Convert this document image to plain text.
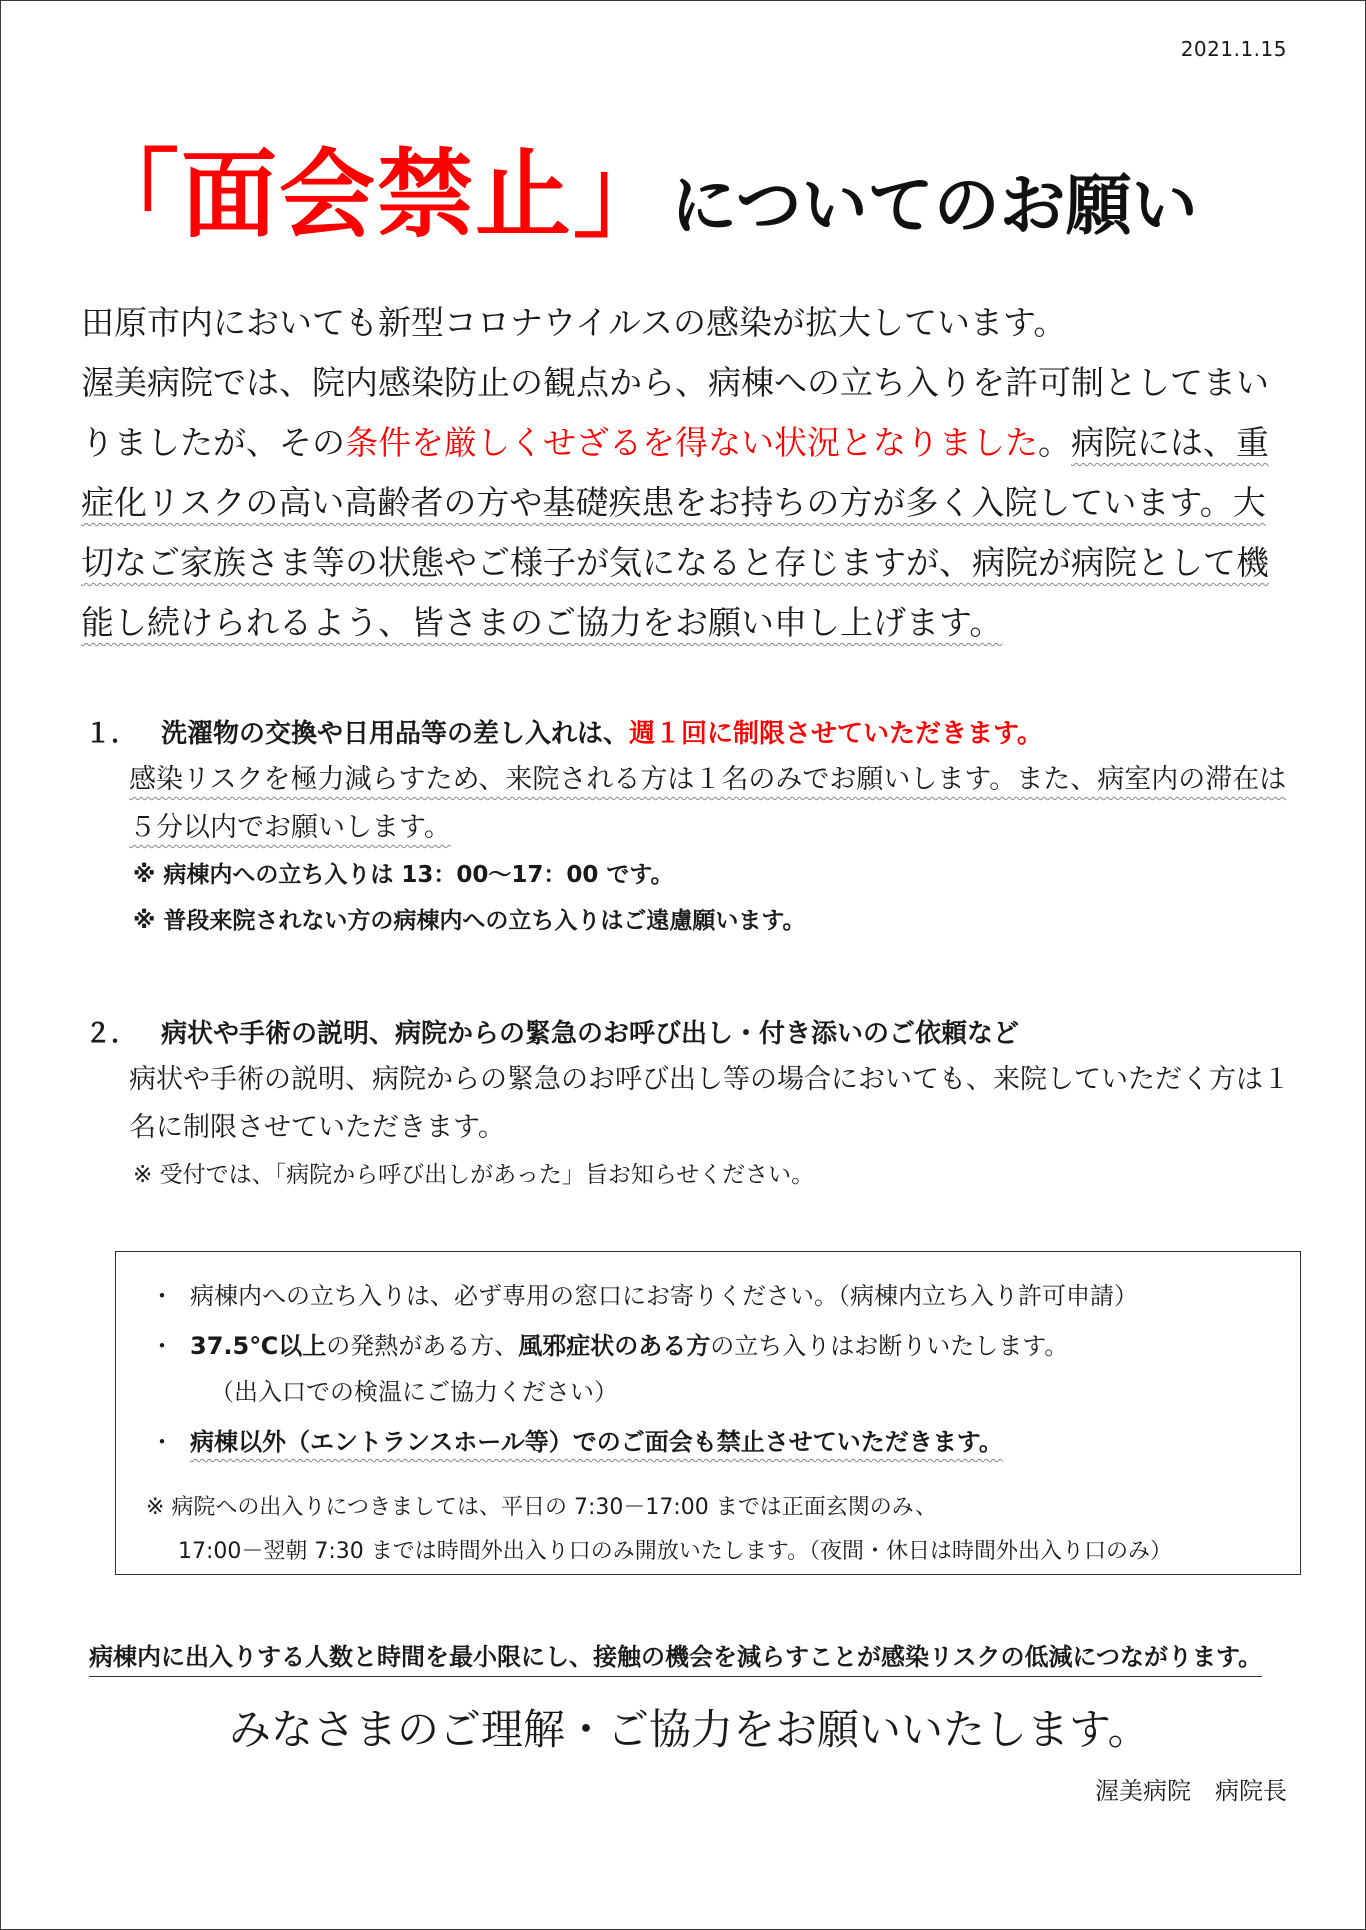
2021.1.15
「面会禁止」についてのお願い

田原市内においても新型コロナウイルスの感染が拡大しています。

渥美病院では、院内感染防止の観点から、病棟への立ち入りを許可制としてまいりましたが、その条件を厳しくせざるを得ない状況となりました。病院には、重症化リスクの高い高齢者の方や基礎疾患をお持ちの方が多く入院しています。大切なご家族さま等の状態やご様子が気になると存じますが、病院が病院として機能し続けられるよう、皆さまのご協力をお願い申し上げます。

１． 洗濯物の交換や日用品等の差し入れは、週１回に制限させていただきます。
感染リスクを極力減らすため、来院される方は１名のみでお願いします。また、病室内の滞在は５分以内でお願いします。
※ 病棟内への立ち入りは 13：00～17：00 です。
※ 普段来院されない方の病棟内への立ち入りはご遠慮願います。
２． 病状や手術の説明、病院からの緊急のお呼び出し・付き添いのご依頼など
病状や手術の説明、病院からの緊急のお呼び出し等の場合においても、来院していただく方は１名に制限させていただきます。
※ 受付では、「病院から呼び出しがあった」旨お知らせください。
・ 病棟内への立ち入りは、必ず専用の窓口にお寄りください。（病棟内立ち入り許可申請）
・ 37.5℃以上の発熱がある方、風邪症状のある方の立ち入りはお断りいたします。
（出入口での検温にご協力ください）
・ 病棟以外（エントランスホール等）でのご面会も禁止させていただきます。
※ 病院への出入りにつきましては、平日の 7:30－17:00 までは正面玄関のみ、
17:00－翌朝 7:30 までは時間外出入り口のみ開放いたします。（夜間・休日は時間外出入り口のみ）
病棟内に出入りする人数と時間を最小限にし、接触の機会を減らすことが感染リスクの低減につながります。
みなさまのご理解・ご協力をお願いいたします。
渥美病院　病院長
